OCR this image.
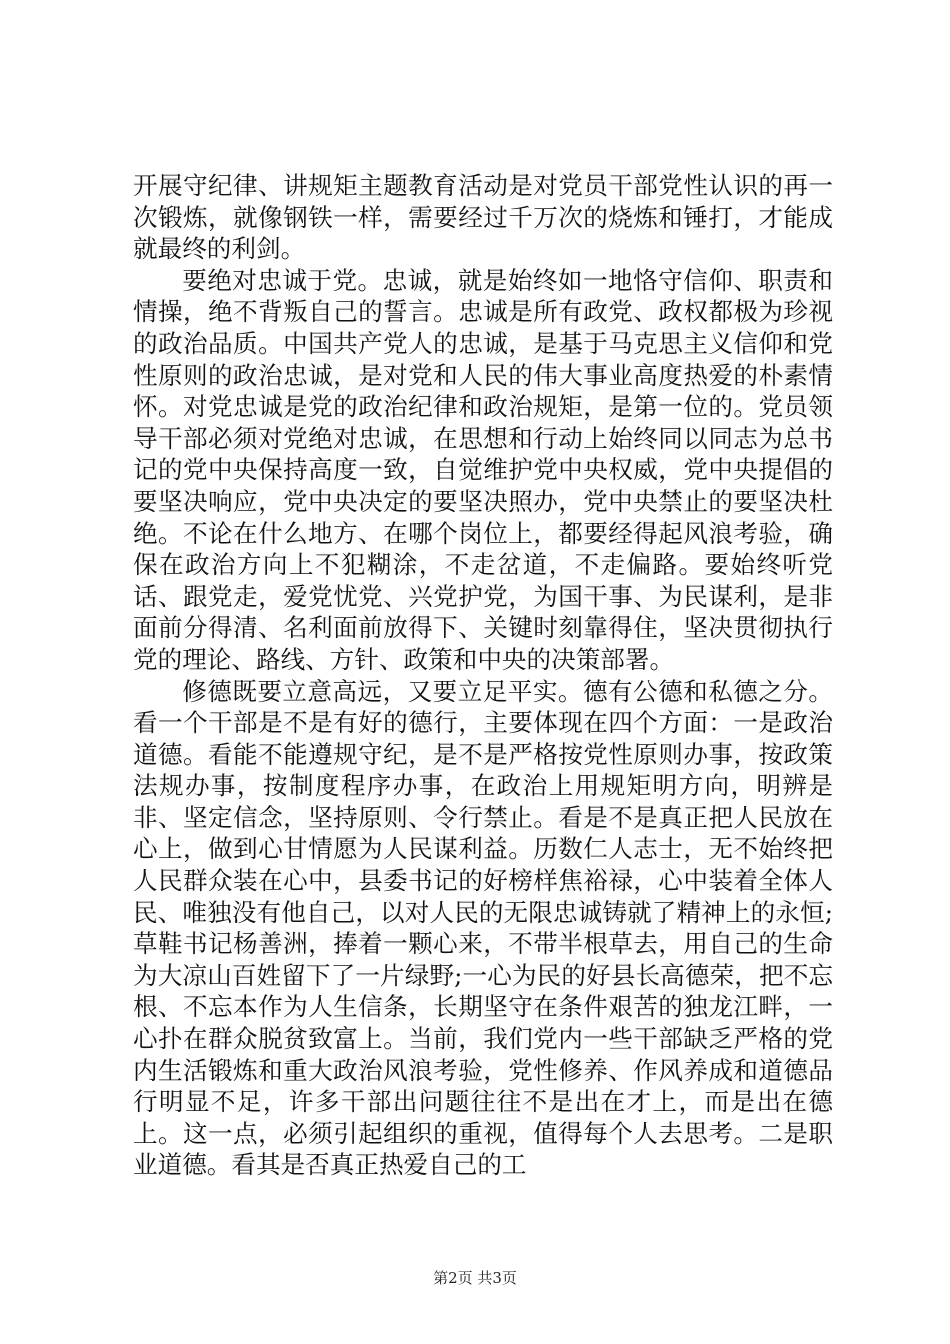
开展守纪律、讲规矩主题教育活动是对党员干部党性认识的再一次锻炼，就像钢铁一样，需要经过千万次的烧炼和锤打，才能成就最终的利剑。

要绝对忠诚于党。忠诚，就是始终如一地恪守信仰、职责和情操，绝不背叛自己的誓言。忠诚是所有政党、政权都极为珍视的政治品质。中国共产党人的忠诚，是基于马克思主义信仰和党性原则的政治忠诚，是对党和人民的伟大事业高度热爱的朴素情怀。对党忠诚是党的政治纪律和政治规矩，是第一位的。党员领导干部必须对党绝对忠诚，在思想和行动上始终同以同志为总书记的党中央保持高度一致，自觉维护党中央权威，党中央提倡的要坚决响应，党中央决定的要坚决照办，党中央禁止的要坚决杜绝。不论在什么地方、在哪个岗位上，都要经得起风浪考验，确保在政治方向上不犯糊涂，不走岔道，不走偏路。要始终听党话、跟党走，爱党忧党、兴党护党，为国干事、为民谋利，是非面前分得清、名利面前放得下、关键时刻靠得住，坚决贯彻执行党的理论、路线、方针、政策和中央的决策部署。

修德既要立意高远，又要立足平实。德有公德和私德之分。看一个干部是不是有好的德行，主要体现在四个方面：一是政治道德。看能不能遵规守纪，是不是严格按党性原则办事，按政策法规办事，按制度程序办事，在政治上用规矩明方向，明辨是非、坚定信念，坚持原则、令行禁止。看是不是真正把人民放在心上，做到心甘情愿为人民谋利益。历数仁人志士，无不始终把人民群众装在心中，县委书记的好榜样焦裕禄，心中装着全体人民、唯独没有他自己，以对人民的无限忠诚铸就了精神上的永恒;草鞋书记杨善洲，捧着一颗心来，不带半根草去，用自己的生命为大凉山百姓留下了一片绿野;一心为民的好县长高德荣，把不忘根、不忘本作为人生信条，长期坚守在条件艰苦的独龙江畔，一心扑在群众脱贫致富上。当前，我们党内一些干部缺乏严格的党内生活锻炼和重大政治风浪考验，党性修养、作风养成和道德品行明显不足，许多干部出问题往往不是出在才上，而是出在德上。这一点，必须引起组织的重视，值得每个人去思考。二是职业道德。看其是否真正热爱自己的工

第2页 共3页
